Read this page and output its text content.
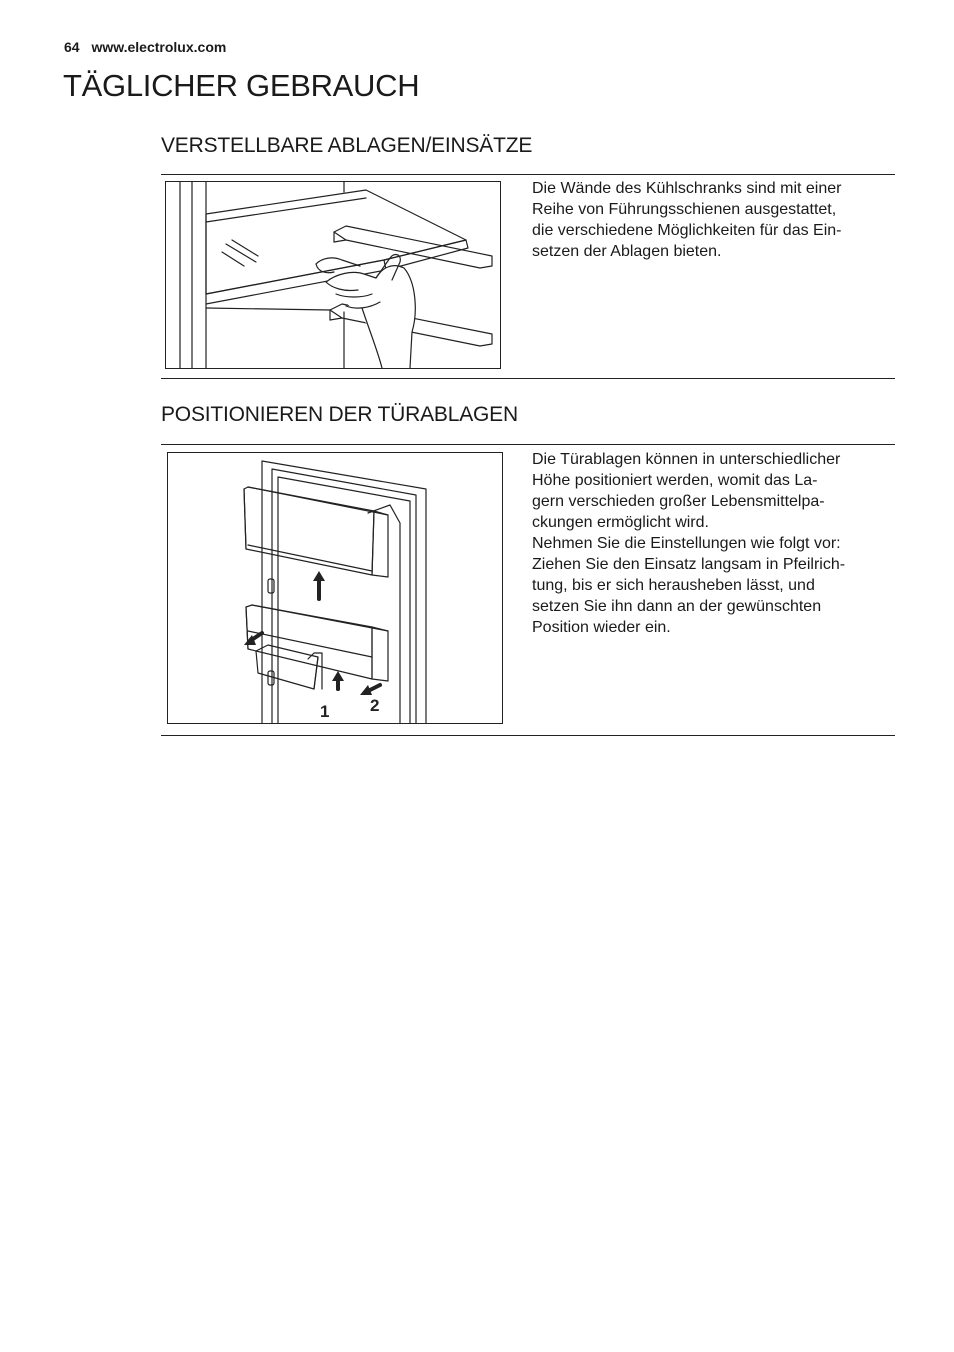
64 www.electrolux.com
TÄGLICHER GEBRAUCH
VERSTELLBARE ABLAGEN/EINSÄTZE

Die Wände des Kühlschranks sind mit einer
Reihe von Führungsschienen ausgestattet,
die verschiedene Möglichkeiten für das Ein-
setzen der Ablagen bieten.

POSITIONIEREN DER TÜRABLAGEN
1 2

Die Türablagen können in unterschiedlicher
Höhe positioniert werden, womit das La-
gern verschieden großer Lebensmittelpa-
ckungen ermöglicht wird.
Nehmen Sie die Einstellungen wie folgt vor:
Ziehen Sie den Einsatz langsam in Pfeilrich-
tung, bis er sich herausheben lässt, und
setzen Sie ihn dann an der gewünschten
Position wieder ein.
